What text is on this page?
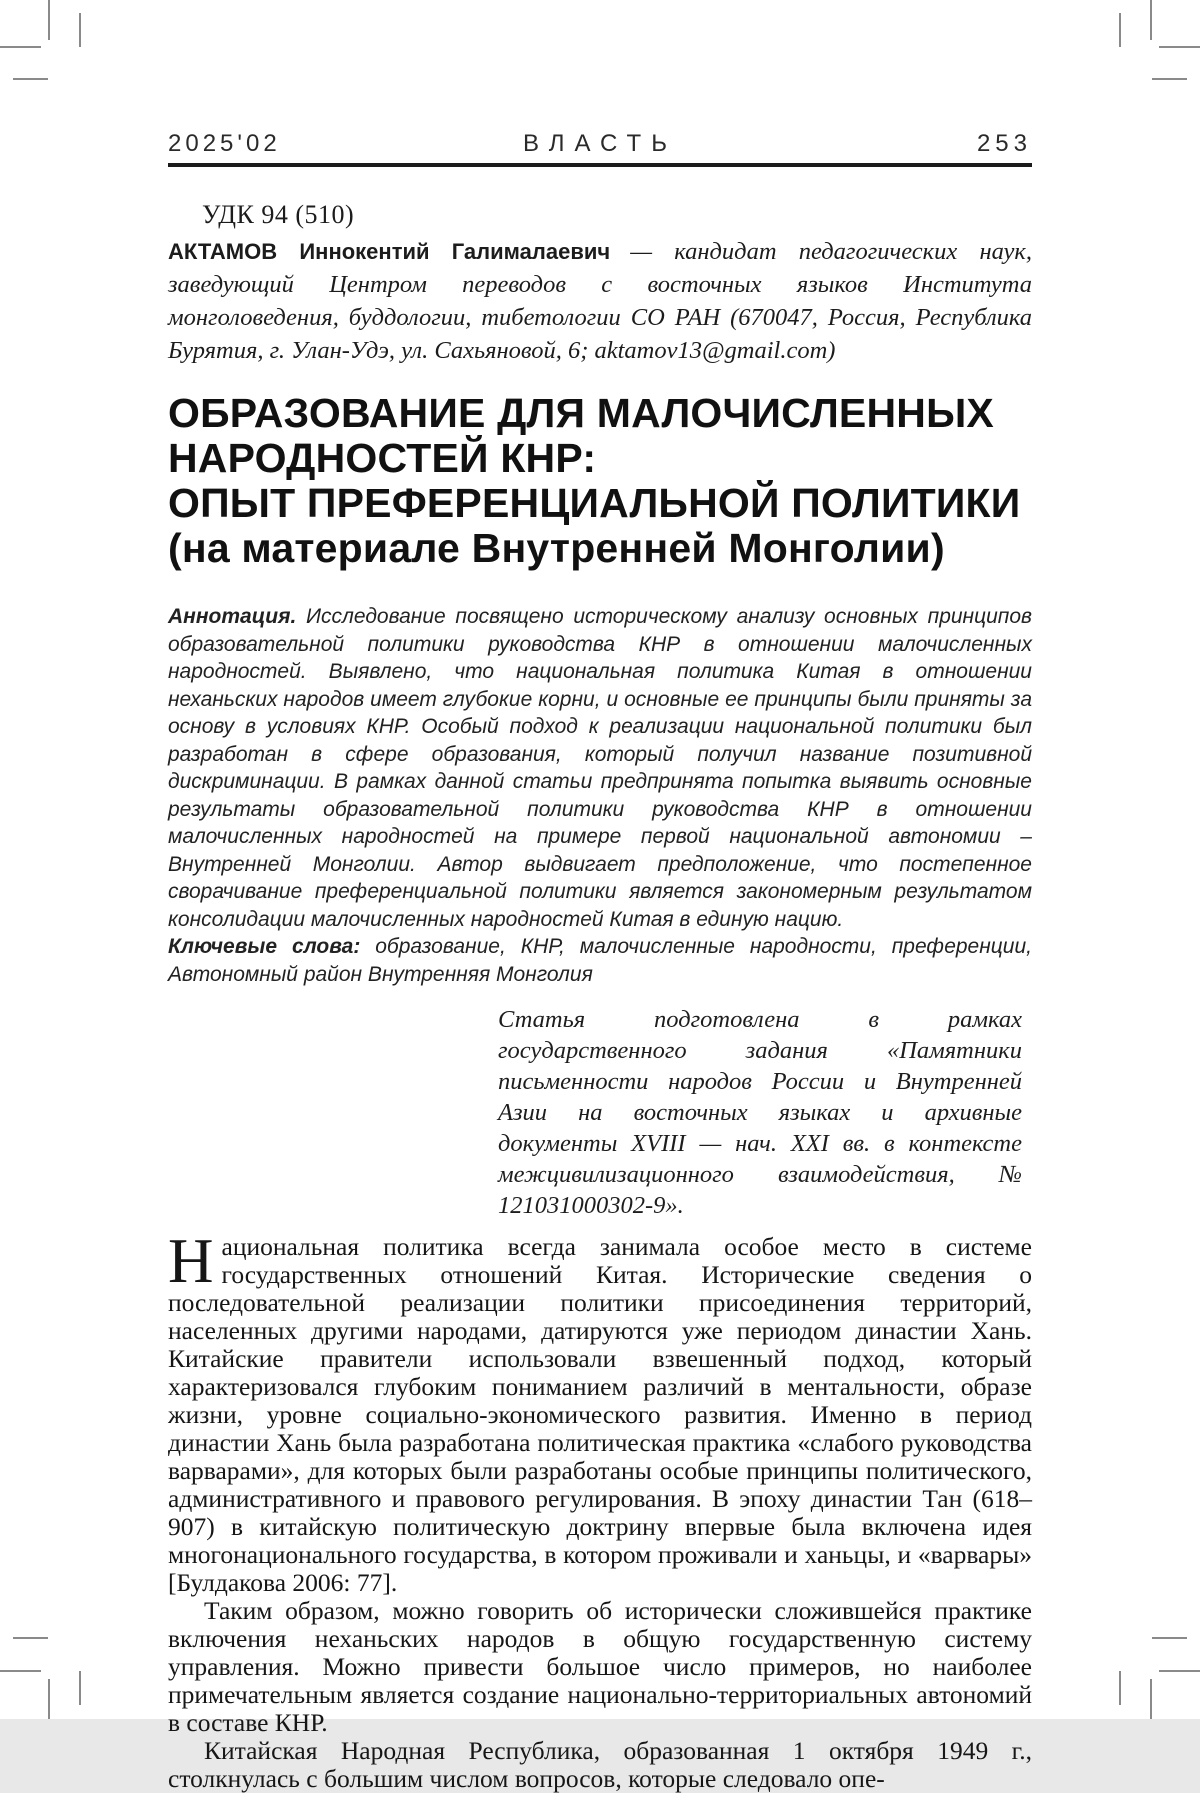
2025'02	ВЛАСТЬ	253
УДК 94 (510)

АКТАМОВ Иннокентий Галималаевич — кандидат педагогических наук, заведующий Центром переводов с восточных языков Института монголоведения, буддологии, тибетологии СО РАН (670047, Россия, Республика Бурятия, г. Улан-Удэ, ул. Сахьяновой, 6; aktamov13@gmail.com)

ОБРАЗОВАНИЕ ДЛЯ МАЛОЧИСЛЕННЫХ
НАРОДНОСТЕЙ КНР:
ОПЫТ ПРЕФЕРЕНЦИАЛЬНОЙ ПОЛИТИКИ
(на материале Внутренней Монголии)

Аннотация. Исследование посвящено историческому анализу основных принципов образовательной политики руководства КНР в отношении малочисленных народностей. Выявлено, что национальная политика Китая в отношении неханьских народов имеет глубокие корни, и основные ее принципы были приняты за основу в условиях КНР. Особый подход к реализации национальной политики был разработан в сфере образования, который получил название позитивной дискриминации. В рамках данной статьи предпринята попытка выявить основные результаты образовательной политики руководства КНР в отношении малочисленных народностей на примере первой национальной автономии – Внутренней Монголии. Автор выдвигает предположение, что постепенное сворачивание преференциальной политики является закономерным результатом консолидации малочисленных народностей Китая в единую нацию.

Ключевые слова: образование, КНР, малочисленные народности, преференции, Автономный район Внутренняя Монголия

Статья подготовлена в рамках государственного задания «Памятники письменности народов России и Внутренней Азии на восточных языках и архивные документы XVIII — нач. XXI вв. в контексте межцивилизационного взаимодействия, № 121031000302-9».

Национальная политика всегда занимала особое место в системе государственных отношений Китая. Исторические сведения о последовательной реализации политики присоединения территорий, населенных другими народами, датируются уже периодом династии Хань. Китайские правители использовали взвешенный подход, который характеризовался глубоким пониманием различий в ментальности, образе жизни, уровне социально-экономического развития. Именно в период династии Хань была разработана политическая практика «слабого руководства варварами», для которых были разработаны особые принципы политического, административного и правового регулирования. В эпоху династии Тан (618–907) в китайскую политическую доктрину впервые была включена идея многонационального государства, в котором проживали и ханьцы, и «варвары» [Булдакова 2006: 77].

Таким образом, можно говорить об исторически сложившейся практике включения неханьских народов в общую государственную систему управления. Можно привести большое число примеров, но наиболее примечательным является создание национально-территориальных автономий в составе КНР.

Китайская Народная Республика, образованная 1 октября 1949 г., столкнулась с большим числом вопросов, которые следовало опе-
